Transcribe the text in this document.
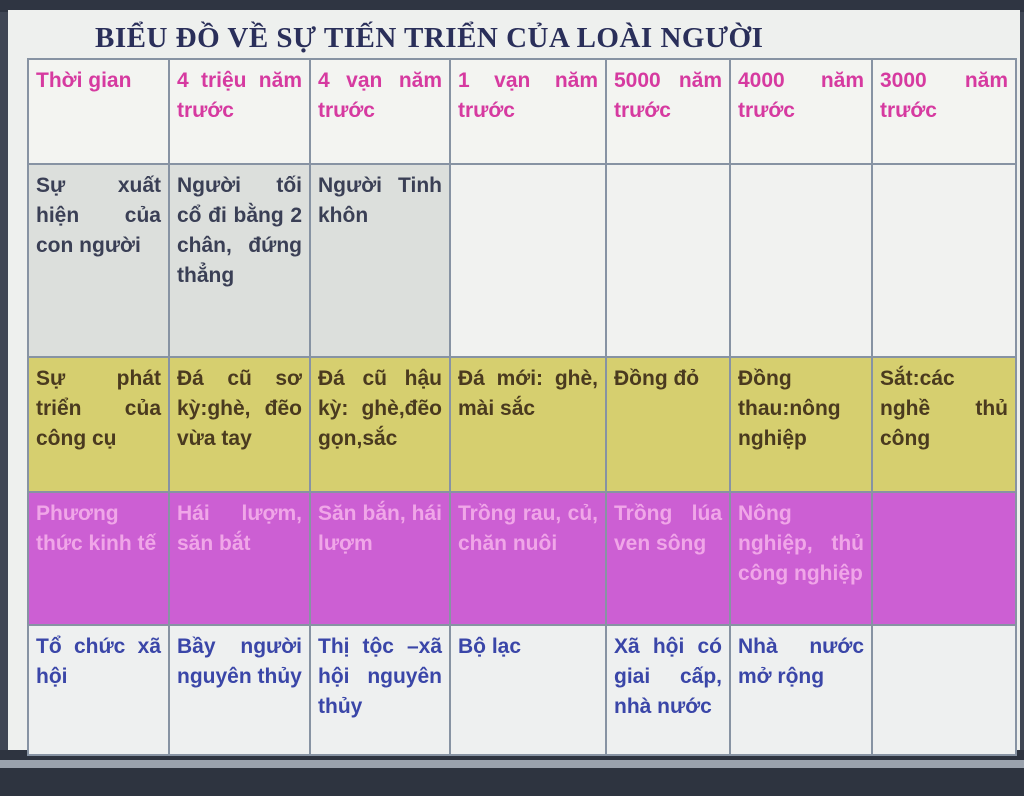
BIỂU ĐỒ VỀ SỰ TIẾN TRIỂN CỦA LOÀI NGƯỜI
Thời gian	4 triệu năm trước	4 vạn năm trước	1 vạn năm trước	5000 năm trước	4000 năm trước	3000 năm trước
Sự xuất hiện của con người	Người tối cổ đi bằng 2 chân, đứng thẳng	Người Tinh khôn				
Sự phát triển của công cụ	Đá cũ sơ kỳ:ghè, đẽo vừa tay	Đá cũ hậu kỳ: ghè,đẽo gọn,sắc	Đá mới: ghè, mài sắc	Đồng đỏ	Đồng thau:nông nghiệp	Sắt:các nghề thủ công
Phương thức kinh tế	Hái lượm, săn bắt	Săn bắn, hái lượm	Trồng rau, củ, chăn nuôi	Trồng lúa ven sông	Nông nghiệp, thủ công nghiệp	
Tổ chức xã hội	Bầy người nguyên thủy	Thị tộc –xã hội nguyên thủy	Bộ lạc	Xã hội có giai cấp, nhà nước	Nhà nước mở rộng	
